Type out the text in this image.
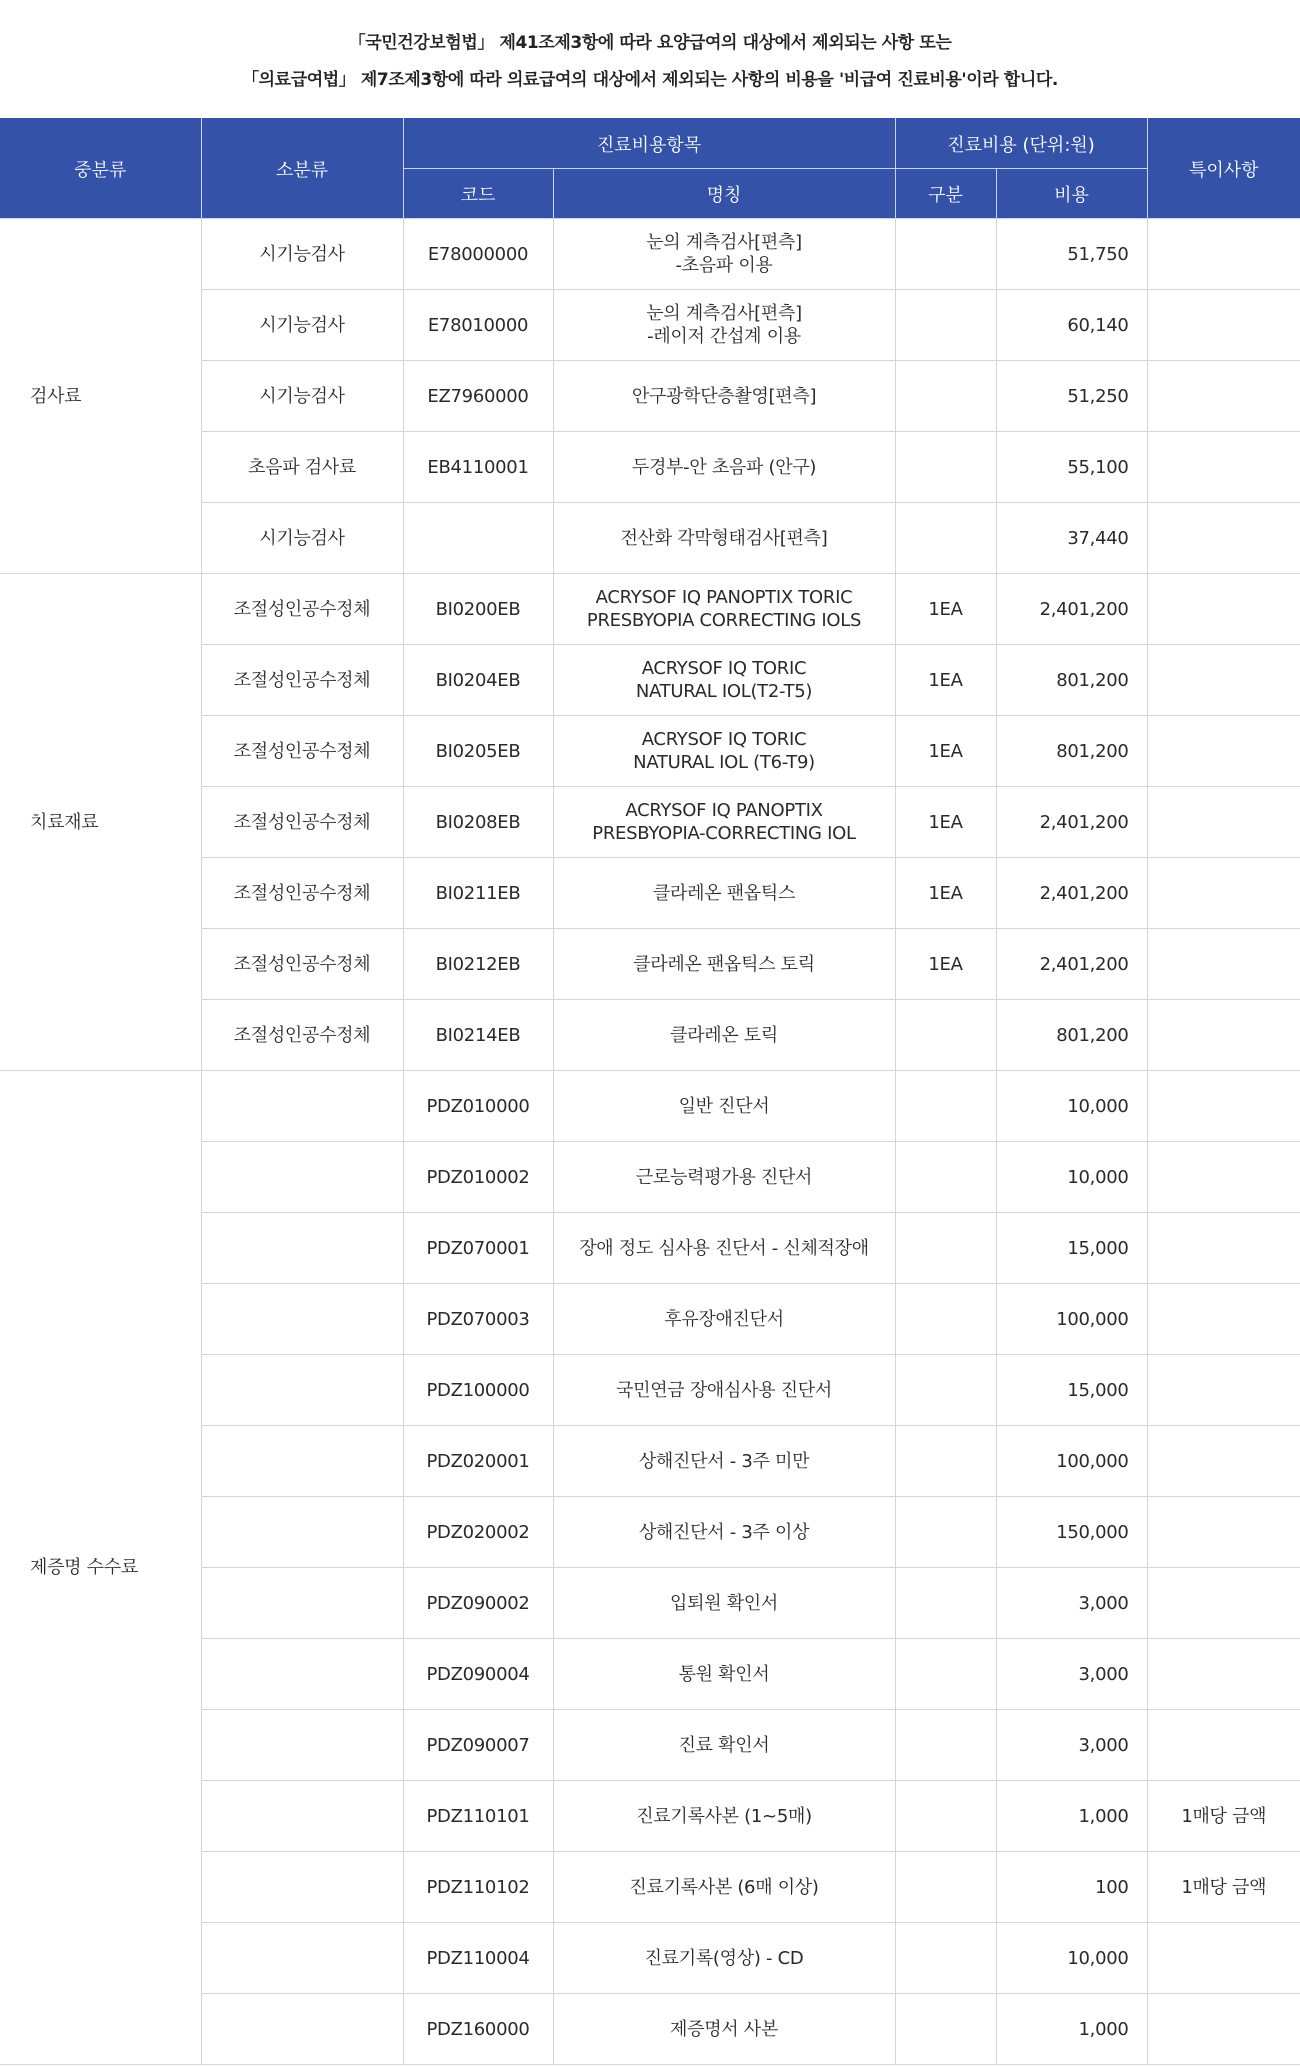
「국민건강보험법」 제41조제3항에 따라 요양급여의 대상에서 제외되는 사항 또는

「의료급여법」 제7조제3항에 따라 의료급여의 대상에서 제외되는 사항의 비용을 '비급여 진료비용'이라 합니다.

중분류	소분류	진료비용항목		진료비용 (단위:원)		특이사항
		코드	명칭	구분	비용	
검사료	시기능검사	E78000000	눈의 계측검사[편측]
-초음파 이용		51,750	
	시기능검사	E78010000	눈의 계측검사[편측]
-레이저 간섭계 이용		60,140	
	시기능검사	EZ7960000	안구광학단층촬영[편측]		51,250	
	초음파 검사료	EB4110001	두경부-안 초음파 (안구)		55,100	
	시기능검사		전산화 각막형태검사[편측]		37,440	
치료재료	조절성인공수정체	BI0200EB	ACRYSOF IQ PANOPTIX TORIC
PRESBYOPIA CORRECTING IOLS	1EA	2,401,200	
	조절성인공수정체	BI0204EB	ACRYSOF IQ TORIC
NATURAL IOL(T2-T5)	1EA	801,200	
	조절성인공수정체	BI0205EB	ACRYSOF IQ TORIC
NATURAL IOL (T6-T9)	1EA	801,200	
	조절성인공수정체	BI0208EB	ACRYSOF IQ PANOPTIX
PRESBYOPIA-CORRECTING IOL	1EA	2,401,200	
	조절성인공수정체	BI0211EB	클라레온 팬옵틱스	1EA	2,401,200	
	조절성인공수정체	BI0212EB	클라레온 팬옵틱스 토릭	1EA	2,401,200	
	조절성인공수정체	BI0214EB	클라레온 토릭		801,200	
제증명 수수료		PDZ010000	일반 진단서		10,000	
		PDZ010002	근로능력평가용 진단서		10,000	
		PDZ070001	장애 정도 심사용 진단서 - 신체적장애		15,000	
		PDZ070003	후유장애진단서		100,000	
		PDZ100000	국민연금 장애심사용 진단서		15,000	
		PDZ020001	상해진단서 - 3주 미만		100,000	
		PDZ020002	상해진단서 - 3주 이상		150,000	
		PDZ090002	입퇴원 확인서		3,000	
		PDZ090004	통원 확인서		3,000	
		PDZ090007	진료 확인서		3,000	
		PDZ110101	진료기록사본 (1~5매)		1,000	1매당 금액
		PDZ110102	진료기록사본 (6매 이상)		100	1매당 금액
		PDZ110004	진료기록(영상) - CD		10,000	
		PDZ160000	제증명서 사본		1,000	
